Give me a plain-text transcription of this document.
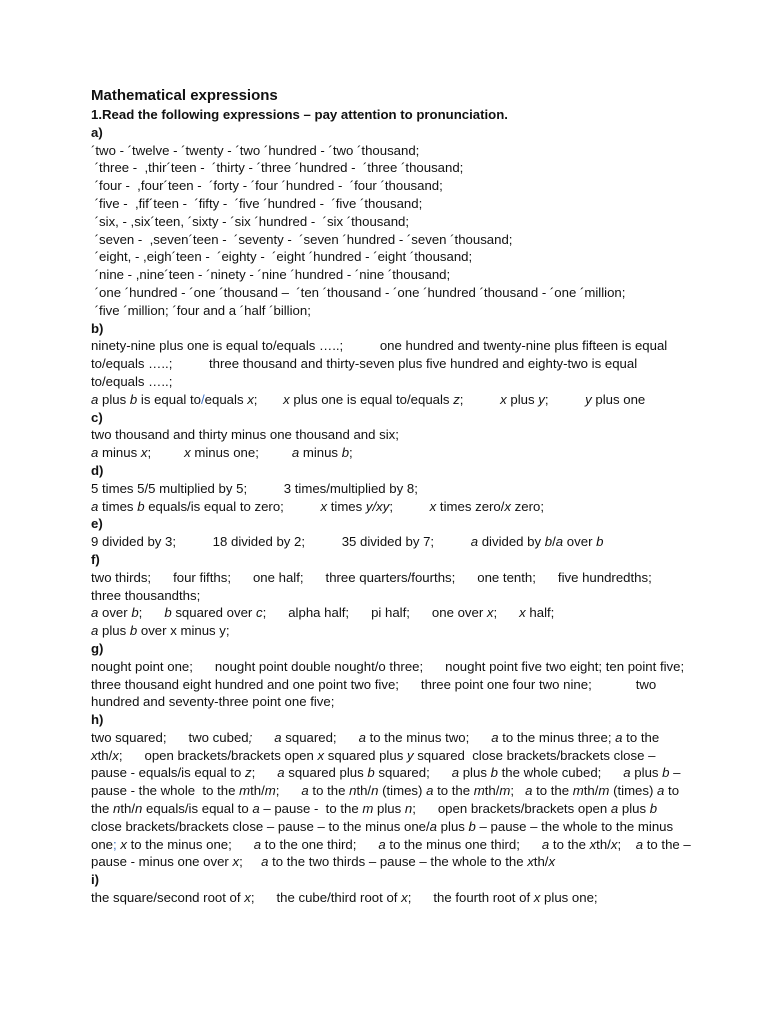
Mathematical expressions
1.Read the following expressions – pay attention to pronunciation.
a)
´two - ´twelve - ´twenty - ´two ´hundred - ´two ´thousand;
´three -  ,thir´teen -  ´thirty - ´three ´hundred -  ´three ´thousand;
´four -  ,four´teen -  ´forty - ´four ´hundred -  ´four ´thousand;
´five -  ,fif´teen -  ´fifty -  ´five ´hundred -  ´five ´thousand;
´six, - ,six´teen, ´sixty - ´six ´hundred -  ´six ´thousand;
´seven -  ,seven´teen -  ´seventy -  ´seven ´hundred - ´seven ´thousand;
´eight, - ,eigh´teen -  ´eighty -  ´eight ´hundred - ´eight ´thousand;
´nine - ,nine´teen - ´ninety - ´nine ´hundred - ´nine ´thousand;
´one ´hundred - ´one ´thousand –  ´ten ´thousand - ´one ´hundred ´thousand - ´one ´million;
´five ´million; ´four and a ´half ´billion;
b)
ninety-nine plus one is equal to/equals …..;          one hundred and twenty-nine plus fifteen is equal to/equals …..;          three thousand and thirty-seven plus five hundred and eighty-two is equal to/equals …..;
a plus b is equal to/equals x;       x plus one is equal to/equals z;          x plus y;          y plus one
c)
two thousand and thirty minus one thousand and six;
a minus x;         x minus one;         a minus b;
d)
5 times 5/5 multiplied by 5;          3 times/multiplied by 8;
a times b equals/is equal to zero;          x times y/xy;          x times zero/x zero;
e)
9 divided by 3;          18 divided by 2;          35 divided by 7;          a divided by b/a over b
f)
two thirds;      four fifths;      one half;      three quarters/fourths;      one tenth;      five hundredths;     three thousandths;
a over b;      b squared over c;      alpha half;      pi half;      one over x;      x half;
a plus b over x minus y;
g)
nought point one;      nought point double nought/o three;      nought point five two eight; ten point five;      three thousand eight hundred and one point two five;      three point one four two nine;            two hundred and seventy-three point one five;
h)
two squared;      two cubed; a squared;      a to the minus two;      a to the minus three; a to the xth/x;      open brackets/brackets open x squared plus y squared  close brackets/brackets close – pause - equals/is equal to z;      a squared plus b squared;      a plus b the whole cubed;      a plus b – pause - the whole  to the mth/m;      a to the nth/n (times) a to the mth/m;   a to the mth/m (times) a to the nth/n equals/is equal to a – pause -  to the m plus n;      open brackets/brackets open a plus b close brackets/brackets close – pause – to the minus one/a plus b – pause – the whole to the minus one; x to the minus one;      a to the one third;      a to the minus one third;      a to the xth/x;    a to the – pause - minus one over x;     a to the two thirds – pause – the whole to the xth/x
i)
the square/second root of x;      the cube/third root of x;      the fourth root of x plus one;
